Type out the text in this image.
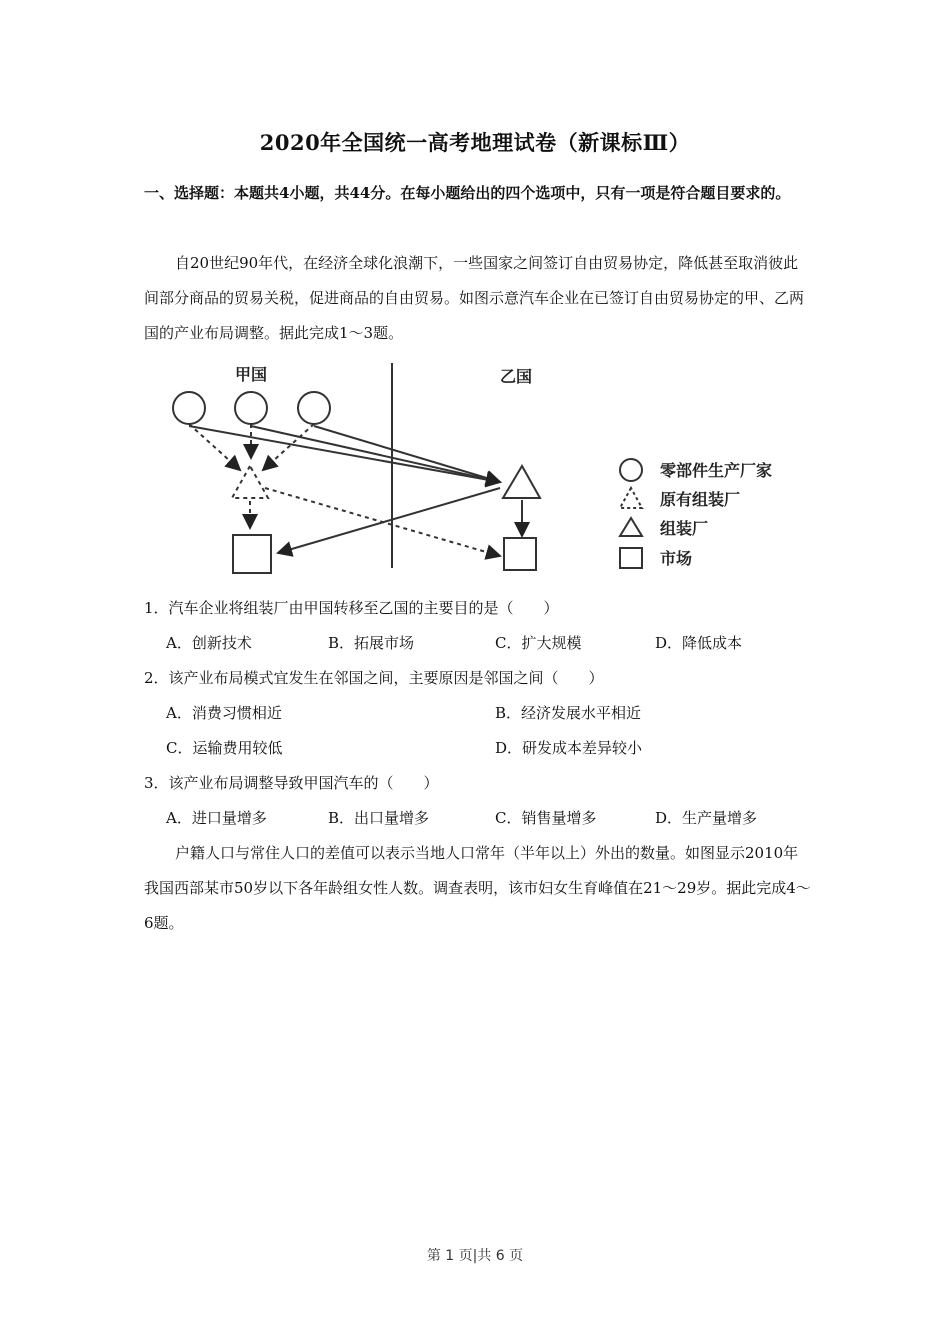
2020年全国统一高考地理试卷（新课标Ⅲ）
一、选择题：本题共4小题，共44分。在每小题给出的四个选项中，只有一项是符合题目要求的。
自20世纪90年代，在经济全球化浪潮下，一些国家之间签订自由贸易协定，降低甚至取消彼此间部分商品的贸易关税，促进商品的自由贸易。如图示意汽车企业在已签订自由贸易协定的甲、乙两国的产业布局调整。据此完成1～3题。
甲国	乙国
零部件生产厂家
原有组装厂
组装厂
市场
1．汽车企业将组装厂由甲国转移至乙国的主要目的是（　　）
A．创新技术	B．拓展市场	C．扩大规模	D．降低成本
2．该产业布局模式宜发生在邻国之间，主要原因是邻国之间（　　）
A．消费习惯相近	B．经济发展水平相近
C．运输费用较低	D．研发成本差异较小
3．该产业布局调整导致甲国汽车的（　　）
A．进口量增多	B．出口量增多	C．销售量增多	D．生产量增多
户籍人口与常住人口的差值可以表示当地人口常年（半年以上）外出的数量。如图显示2010年我国西部某市50岁以下各年龄组女性人数。调查表明，该市妇女生育峰值在21～29岁。据此完成4～6题。
第 1 页|共 6 页
